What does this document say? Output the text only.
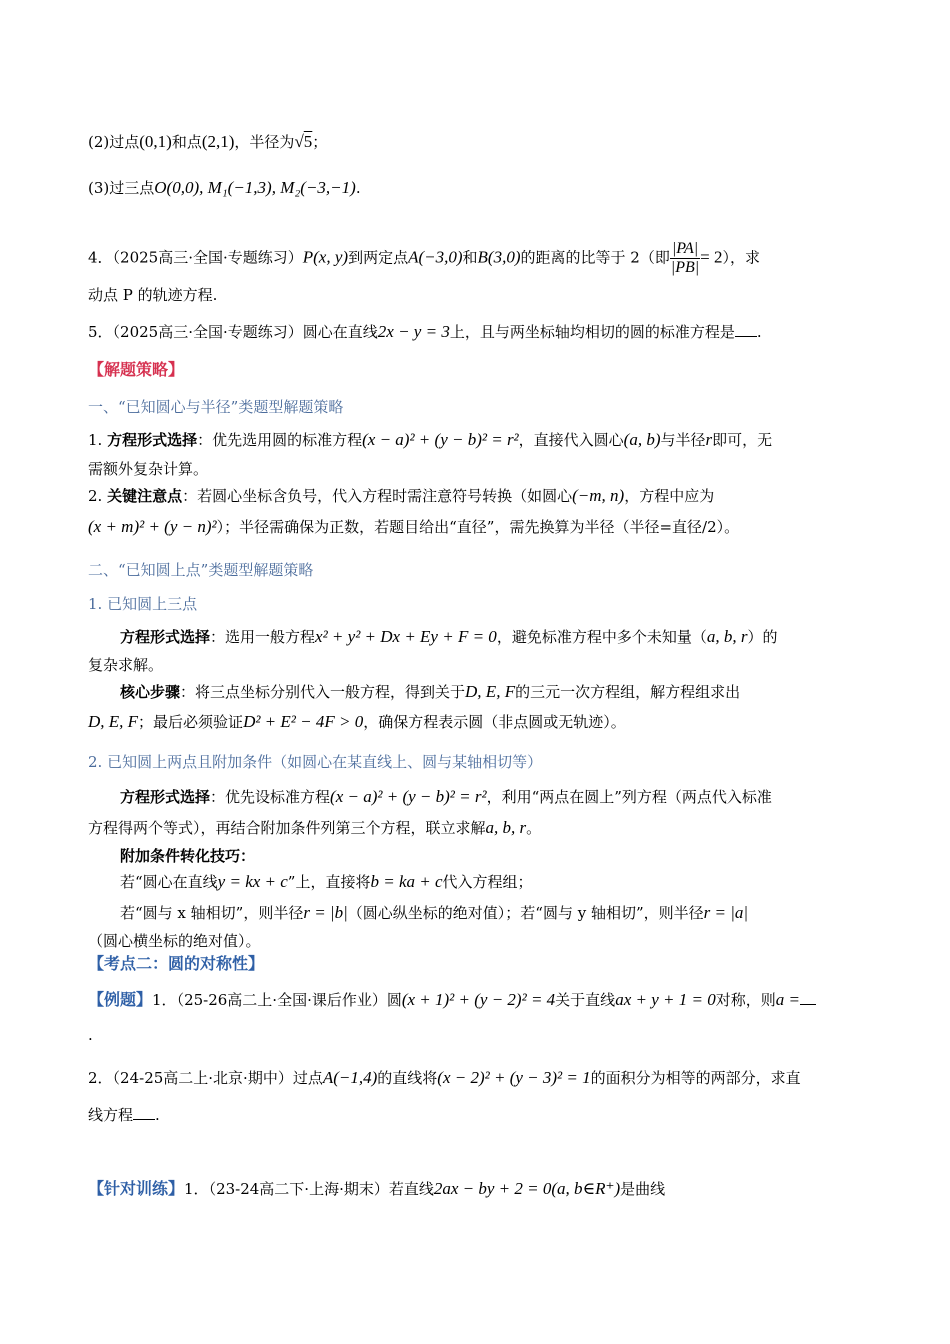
(2)过点(0,1)和点(2,1)，半径为√5；
(3)过三点O(0,0), M₁(−1,3), M₂(−3,−1).
4．（2025高三·全国·专题练习）P(x, y)到两定点A(−3,0)和B(3,0)的距离的比等于 2（即 $\frac{|PA|}{|PB|} = 2$），求
动点 P 的轨迹方程.
5．（2025高三·全国·专题练习）圆心在直线2x − y = 3上，且与两坐标轴均相切的圆的标准方程是 .
【解题策略】
一、“已知圆心与半径”类题型解题策略
1. 方程形式选择：优先选用圆的标准方程(x − a)² + (y − b)² = r²，直接代入圆心(a, b)与半径r即可，无
需额外复杂计算。
2. 关键注意点：若圆心坐标含负号，代入方程时需注意符号转换（如圆心(−m, n)，方程中应为
(x + m)² + (y − n)²）；半径需确保为正数，若题目给出“直径”，需先换算为半径（半径=直径/2）。
二、“已知圆上点”类题型解题策略
1. 已知圆上三点
方程形式选择：选用一般方程x² + y² + Dx + Ey + F = 0，避免标准方程中多个未知量（a, b, r）的
复杂求解。
核心步骤：将三点坐标分别代入一般方程，得到关于D, E, F的三元一次方程组，解方程组求出
D, E, F；最后必须验证D² + E² − 4F > 0，确保方程表示圆（非点圆或无轨迹）。
2. 已知圆上两点且附加条件（如圆心在某直线上、圆与某轴相切等）
方程形式选择：优先设标准方程(x − a)² + (y − b)² = r²，利用“两点在圆上”列方程（两点代入标准
方程得两个等式），再结合附加条件列第三个方程，联立求解a, b, r。
附加条件转化技巧：
若“圆心在直线y = kx + c”上，直接将b = ka + c代入方程组；
若“圆与 x 轴相切”，则半径r = |b|（圆心纵坐标的绝对值）；若“圆与 y 轴相切”，则半径r = |a|
（圆心横坐标的绝对值）。
【考点二：圆的对称性】
【例题】1．（25-26高二上·全国·课后作业）圆(x + 1)² + (y − 2)² = 4关于直线ax + y + 1 = 0对称，则a =
.
2．（24-25高二上·北京·期中）过点A(−1,4)的直线将(x − 2)² + (y − 3)² = 1的面积分为相等的两部分，求直
线方程 .
【针对训练】1．（23-24高二下·上海·期末）若直线2ax − by + 2 = 0(a, b∈R⁺)是曲线
